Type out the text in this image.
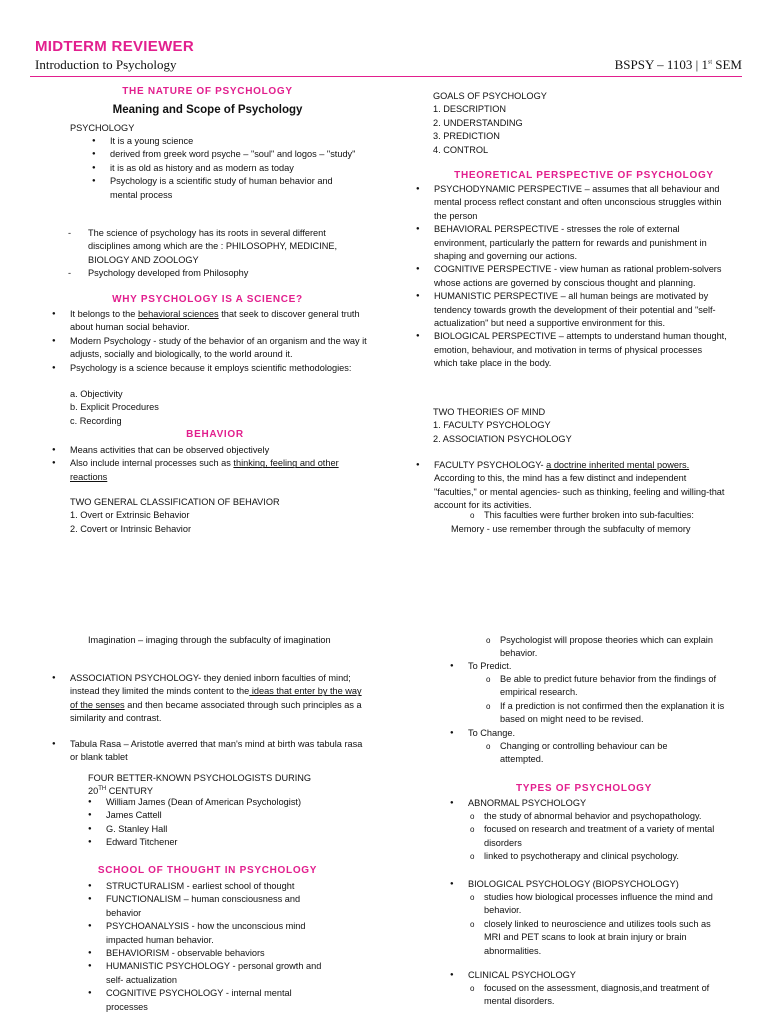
MIDTERM REVIEWER
Introduction to Psychology	BSPSY – 1103 | 1st SEM
THE NATURE OF PSYCHOLOGY
Meaning and Scope of Psychology
PSYCHOLOGY
● It is a young science
● derived from greek word psyche – "soul" and logos – "study"
● it is as old as history and as modern as today
● Psychology is a scientific study of human behavior and mental process
- The science of psychology has its roots in several different disciplines among which are the : PHILOSOPHY, MEDICINE, BIOLOGY AND ZOOLOGY
- Psychology developed from Philosophy
WHY PSYCHOLOGY IS A SCIENCE?
● It belongs to the behavioral sciences that seek to discover general truth about human social behavior.
● Modern Psychology - study of the behavior of an organism and the way it adjusts, socially and biologically, to the world around it.
● Psychology is a science because it employs scientific methodologies:
a. Objectivity
b. Explicit Procedures
c. Recording
BEHAVIOR
● Means activities that can be observed objectively
● Also include internal processes such as thinking, feeling and other reactions
TWO GENERAL CLASSIFICATION OF BEHAVIOR
1. Overt or Extrinsic Behavior
2. Covert or Intrinsic Behavior
Imagination – imaging through the subfaculty of imagination
● ASSOCIATION PSYCHOLOGY- they denied inborn faculties of mind; instead they limited the minds content to the ideas that enter by the way of the senses and then became associated through such principles as a similarity and contrast.
● Tabula Rasa – Aristotle averred that man's mind at birth was tabula rasa or blank tablet
FOUR BETTER-KNOWN PSYCHOLOGISTS DURING
20TH CENTURY
● William James (Dean of American Psychologist)
● James Cattell
● G. Stanley Hall
● Edward Titchener
SCHOOL OF THOUGHT IN PSYCHOLOGY
● STRUCTURALISM - earliest school of thought
● FUNCTIONALISM – human consciousness and behavior
● PSYCHOANALYSIS - how the unconscious mind impacted human behavior.
● BEHAVIORISM - observable behaviors
● HUMANISTIC PSYCHOLOGY - personal growth and self- actualization
● COGNITIVE PSYCHOLOGY - internal mental processes
GOALS OF PSYCHOLOGY
1. DESCRIPTION
2. UNDERSTANDING
3. PREDICTION
4. CONTROL
THEORETICAL PERSPECTIVE OF PSYCHOLOGY
● PSYCHODYNAMIC PERSPECTIVE – assumes that all behaviour and mental process reflect constant and often unconscious struggles within the person
● BEHAVIORAL PERSPECTIVE - stresses the role of external environment, particularly the pattern for rewards and punishment in shaping and governing our actions.
● COGNITIVE PERSPECTIVE - view human as rational problem-solvers whose actions are governed by conscious thought and planning.
● HUMANISTIC PERSPECTIVE – all human beings are motivated by tendency towards growth the development of their potential and "self- actualization" but need a supportive environment for this.
● BIOLOGICAL PERSPECTIVE – attempts to understand human thought, emotion, behaviour, and motivation in terms of physical processes which take place in the body.
TWO THEORIES OF MIND
1. FACULTY PSYCHOLOGY
2. ASSOCIATION PSYCHOLOGY
● FACULTY PSYCHOLOGY- a doctrine inherited mental powers. According to this, the mind has a few distinct and independent "faculties," or mental agencies- such as thinking, feeling and willing-that account for its activities.
o This faculties were further broken into sub-faculties:
Memory - use remember through the subfaculty of memory
o Psychologist will propose theories which can explain behavior.
● To Predict.
o Be able to predict future behavior from the findings of empirical research.
o If a prediction is not confirmed then the explanation it is based on might need to be revised.
● To Change.
o Changing or controlling behaviour can be attempted.
TYPES OF PSYCHOLOGY
● ABNORMAL PSYCHOLOGY
o the study of abnormal behavior and psychopathology.
o focused on research and treatment of a variety of mental disorders
o linked to psychotherapy and clinical psychology.
● BIOLOGICAL PSYCHOLOGY (BIOPSYCHOLOGY)
o studies how biological processes influence the mind and behavior.
o closely linked to neuroscience and utilizes tools such as MRI and PET scans to look at brain injury or brain abnormalities.
● CLINICAL PSYCHOLOGY
o focused on the assessment, diagnosis,and treatment of mental disorders.
